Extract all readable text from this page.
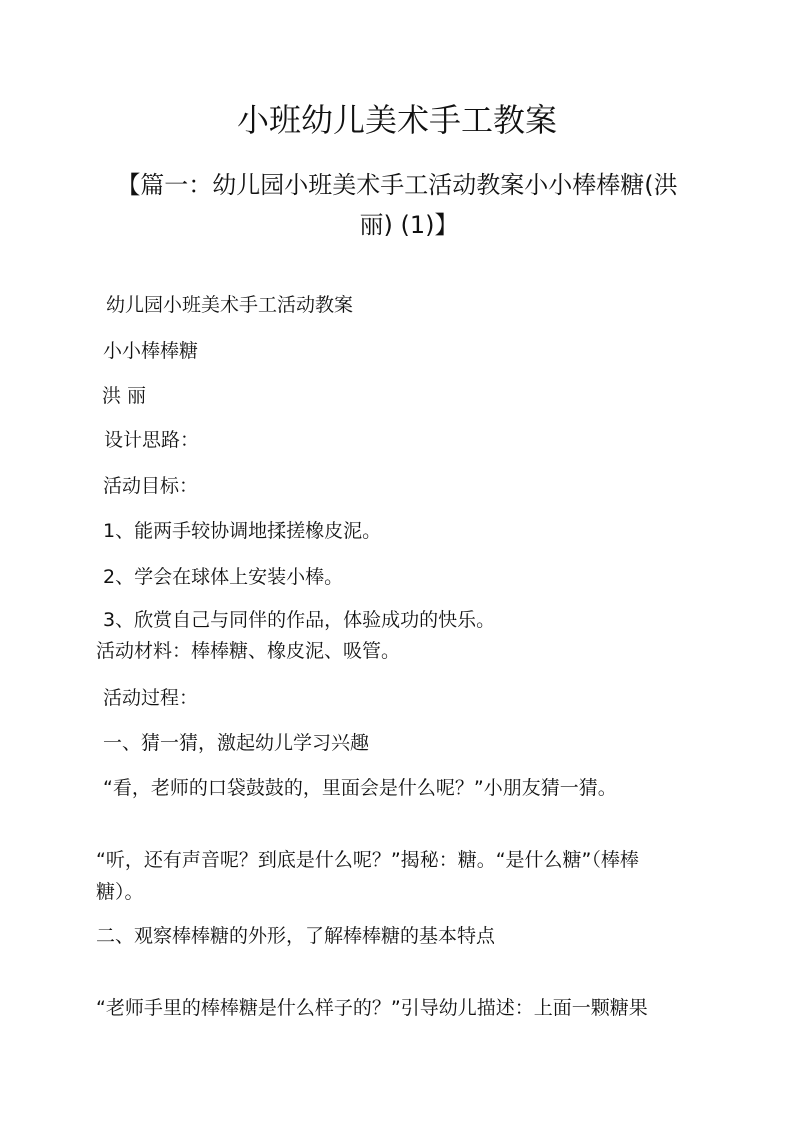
小班幼儿美术手工教案
【篇一：幼儿园小班美术手工活动教案小小棒棒糖(洪
丽) (1)】
幼儿园小班美术手工活动教案
小小棒棒糖
洪 丽
设计思路：
活动目标：
1、能两手较协调地揉搓橡皮泥。
2、学会在球体上安装小棒。
3、欣赏自己与同伴的作品，体验成功的快乐。
活动材料：棒棒糖、橡皮泥、吸管。
活动过程：
一、猜一猜，激起幼儿学习兴趣
“看，老师的口袋鼓鼓的，里面会是什么呢？”小朋友猜一猜。
“听，还有声音呢？到底是什么呢？”揭秘：糖。“是什么糖”（棒棒
糖）。
二、观察棒棒糖的外形，了解棒棒糖的基本特点
“老师手里的棒棒糖是什么样子的？”引导幼儿描述：上面一颗糖果
